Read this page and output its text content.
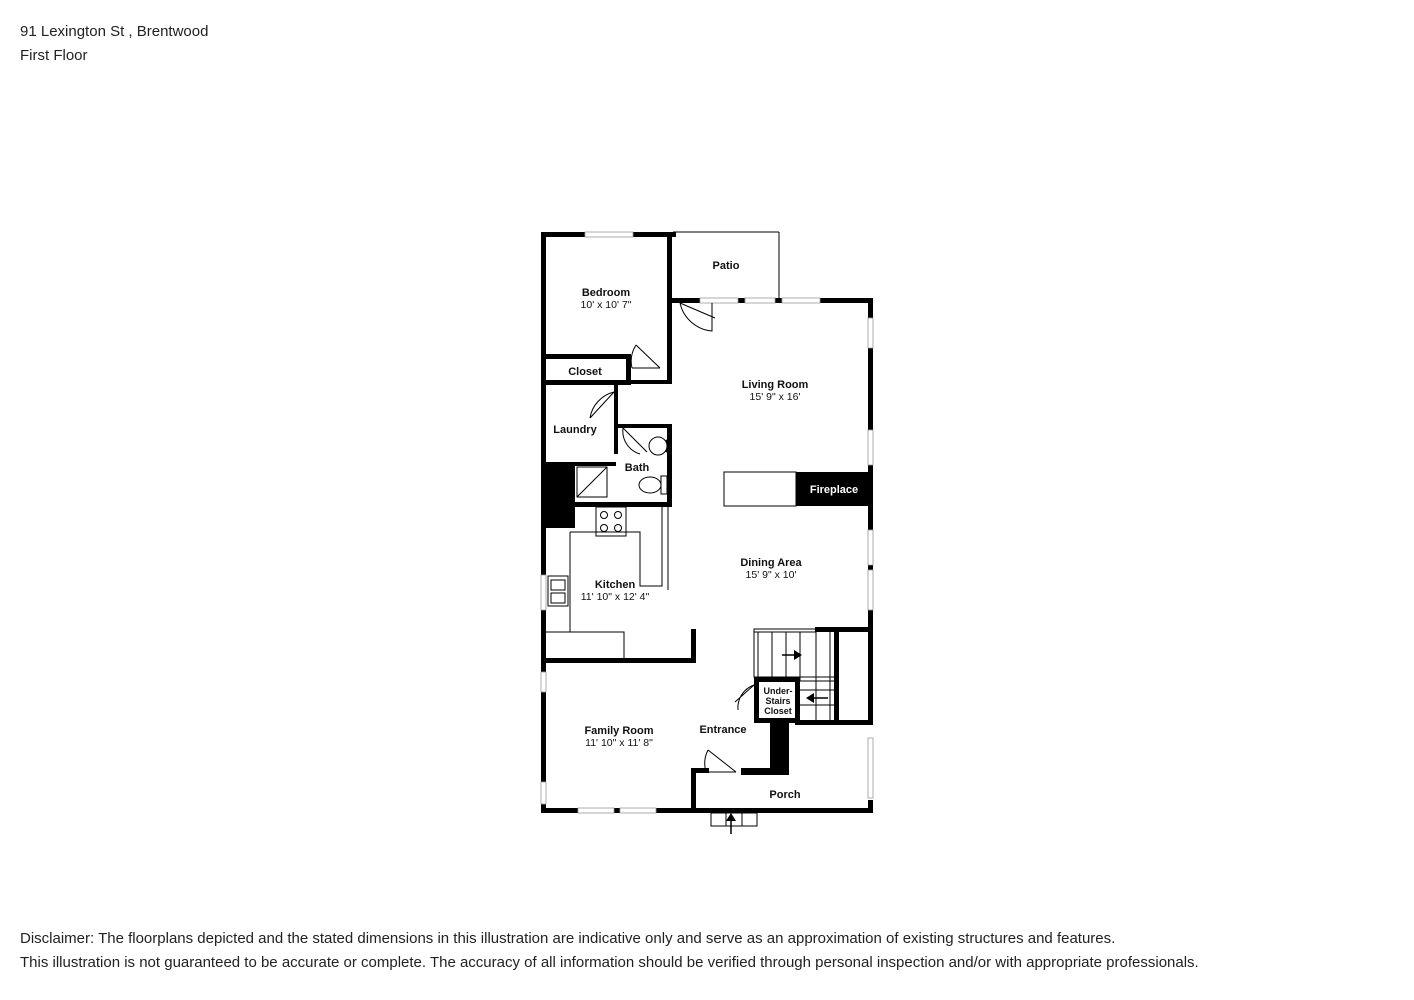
91 Lexington St , Brentwood
First Floor
Patio
Bedroom
10' x 10' 7"
Closet
Living Room
15' 9" x 16'
Laundry
Bath
Fireplace
Dining Area
15' 9" x 10'
Kitchen
11' 10" x 12' 4"
Under-
Stairs
Closet
Family Room
11' 10" x 11' 8"
Entrance
Porch
Disclaimer: The floorplans depicted and the stated dimensions in this illustration are indicative only and serve as an approximation of existing structures and features.
This illustration is not guaranteed to be accurate or complete. The accuracy of all information should be verified through personal inspection and/or with appropriate professionals.
